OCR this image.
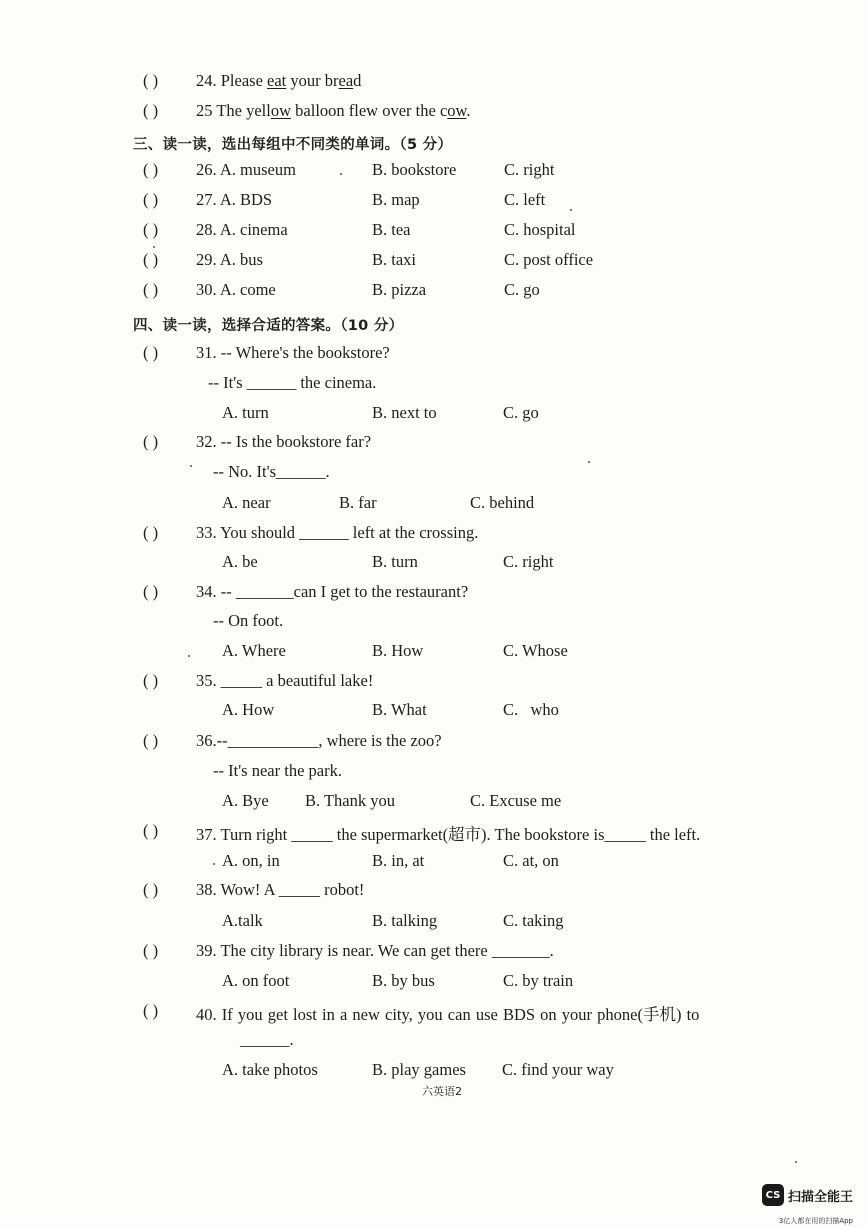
( ) 24. Please eat your bread
( ) 25 The yellow balloon flew over the cow.
三、读一读，选出每组中不同类的单词。（5 分）
( ) 26. A. museum	B. bookstore	C. right
( ) 27. A. BDS	B. map	C. left
( ) 28. A. cinema	B. tea	C. hospital
( ) 29. A. bus	B. taxi	C. post office
( ) 30. A. come	B. pizza	C. go
四、读一读，选择合适的答案。（10 分）
( ) 31. -- Where's the bookstore?
-- It's ______ the cinema.
A. turn	B. next to	C. go
( ) 32. -- Is the bookstore far?
-- No. It's______.
A. near	B. far	C. behind
( ) 33. You should ______ left at the crossing.
A. be	B. turn	C. right
( ) 34. -- _______can I get to the restaurant?
-- On foot.
A. Where	B. How	C. Whose
( ) 35. _____ a beautiful lake!
A. How	B. What	C.   who
( ) 36.--___________, where is the zoo?
-- It's near the park.
A. Bye B. Thank you	C. Excuse me
( ) 37. Turn right _____ the supermarket(超市). The bookstore is_____ the left.
A. on, in	B. in, at	C. at, on
( ) 38. Wow! A _____ robot!
A.talk	B. talking	C. taking
( ) 39. The city library is near. We can get there _______.
A. on foot	B. by bus	C. by train
( ) 40. If you get lost in a new city, you can use BDS on your phone(手机) to
______.
A. take photos	B. play games C. find your way
六英语2
CS 扫描全能王
3亿人都在用的扫描App
